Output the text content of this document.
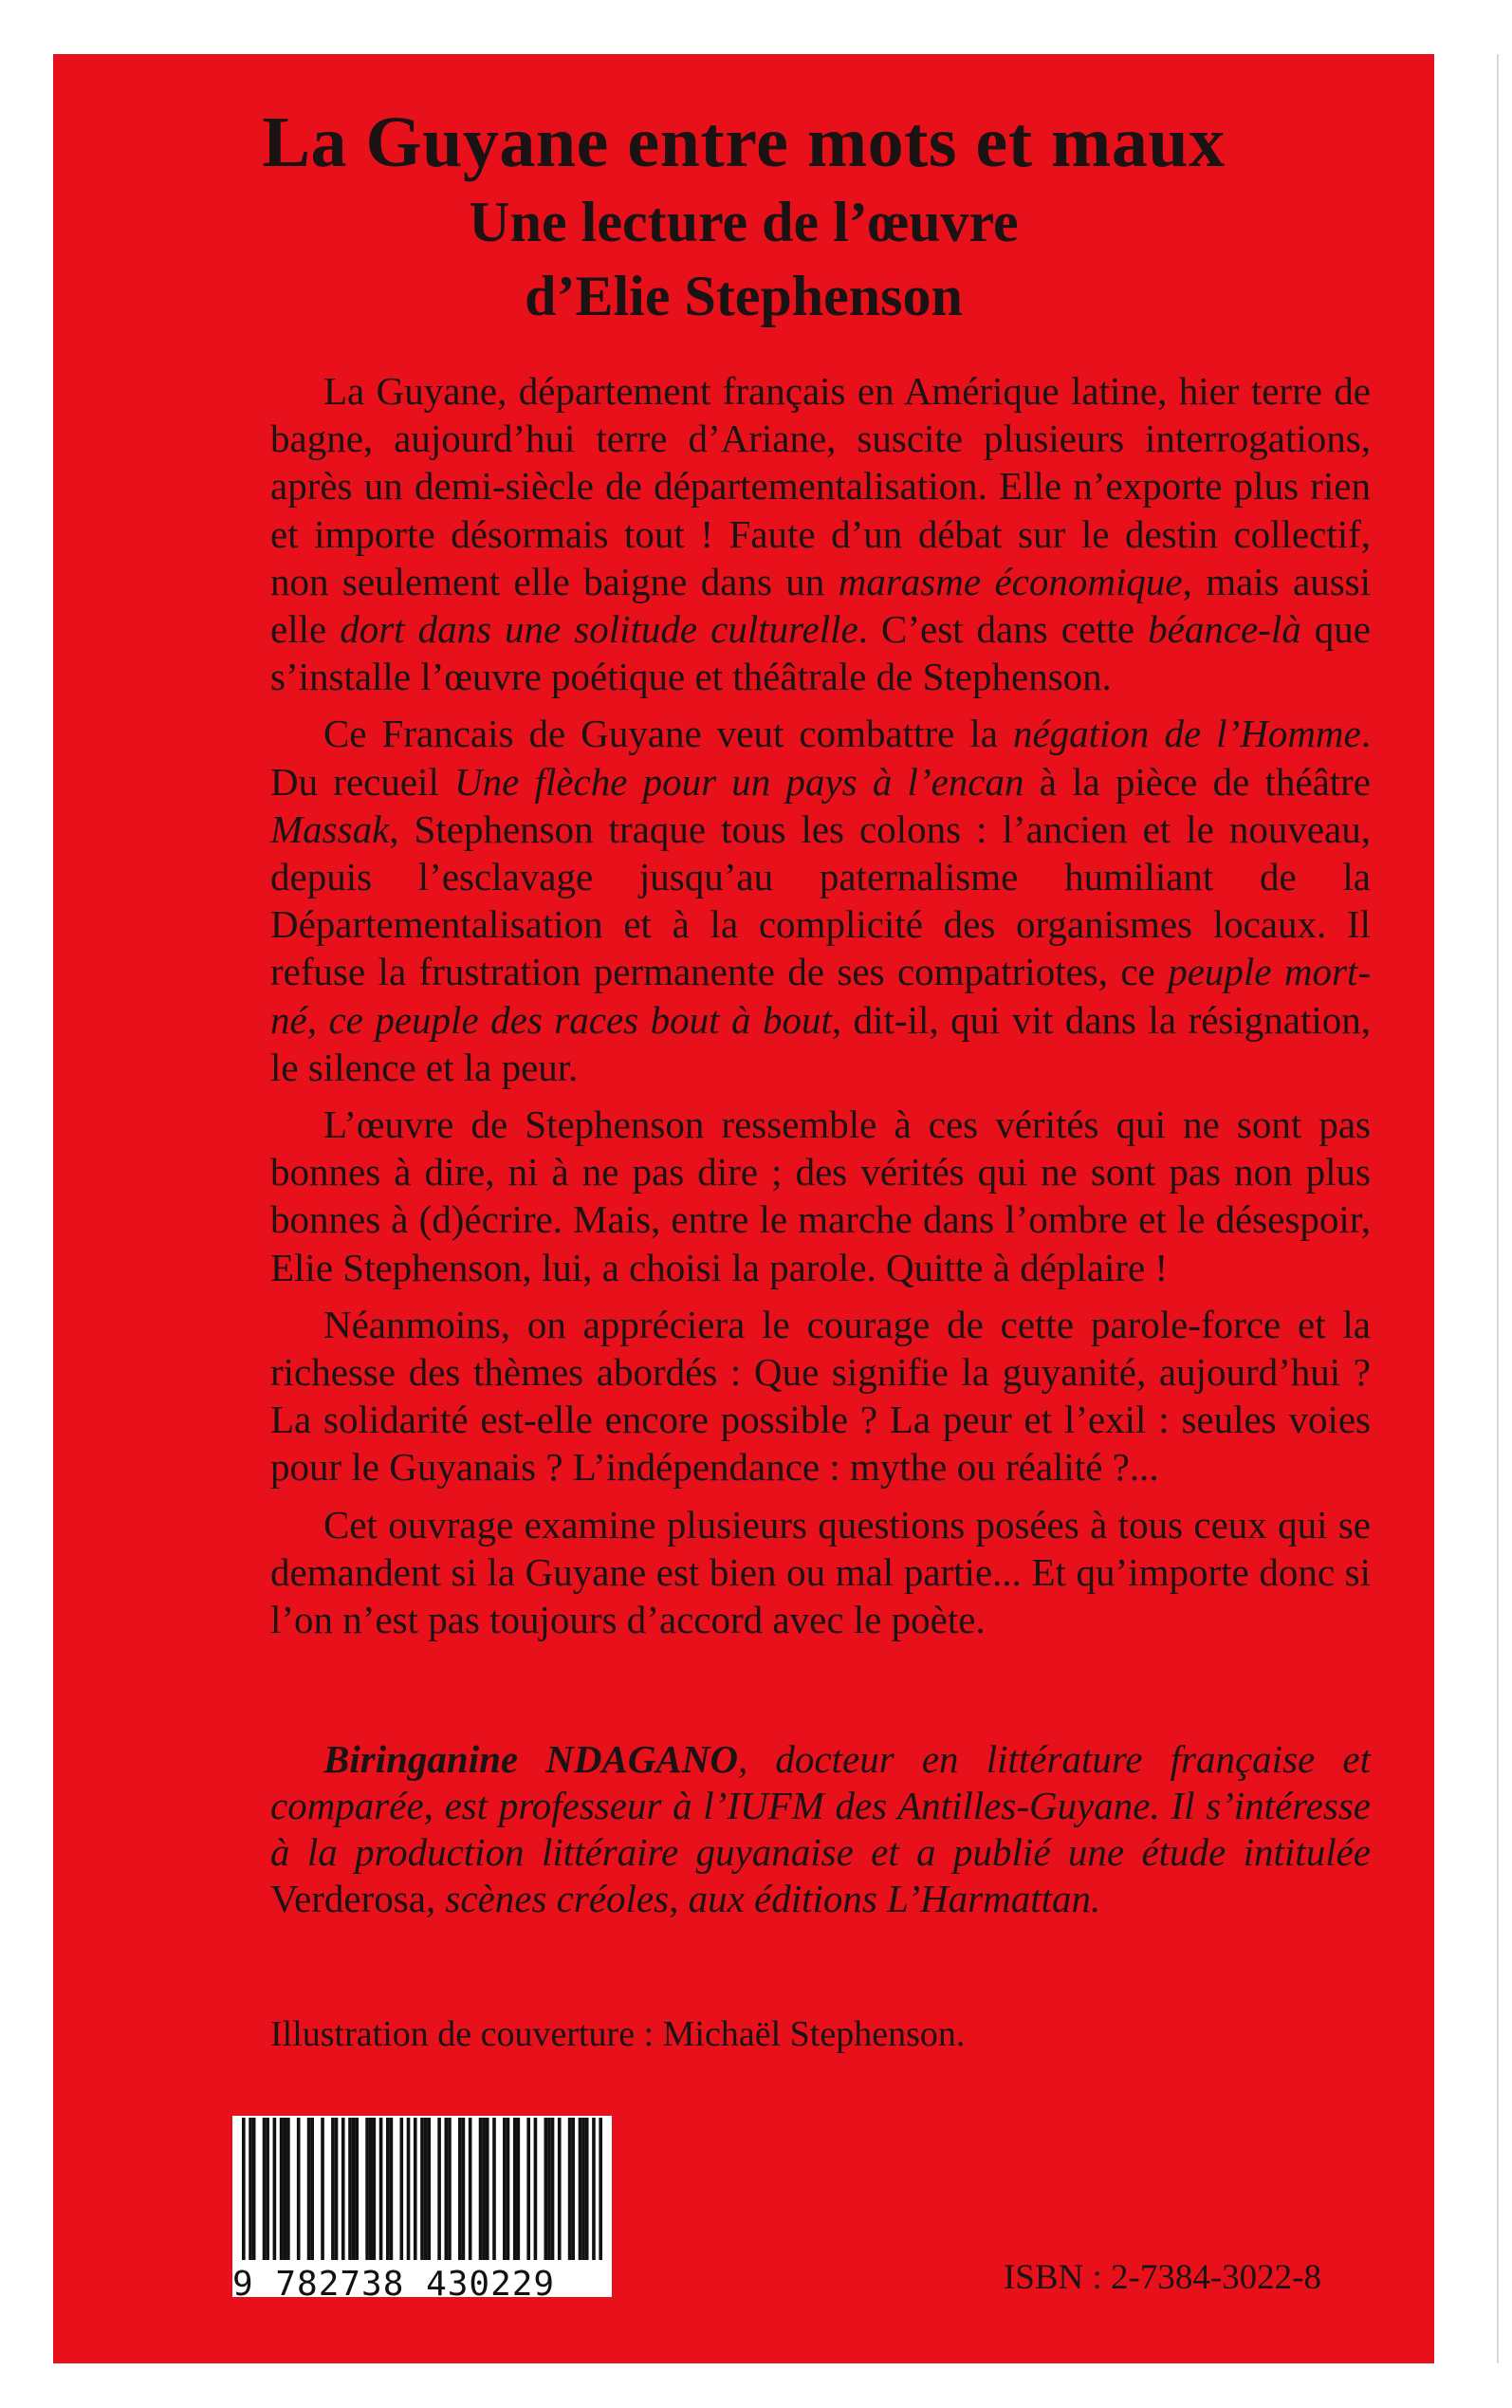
La Guyane entre mots et maux
Une lecture de l’œuvre
d’Elie Stephenson

La Guyane, département français en Amérique latine, hier terre de bagne, aujourd’hui terre d’Ariane, suscite plusieurs interrogations, après un demi-siècle de départementalisation. Elle n’exporte plus rien et importe désormais tout ! Faute d’un débat sur le destin collectif, non seulement elle baigne dans un marasme économique, mais aussi elle dort dans une solitude culturelle. C’est dans cette béance-là que s’installe l’œuvre poétique et théâtrale de Stephenson.

Ce Francais de Guyane veut combattre la négation de l’Homme. Du recueil Une flèche pour un pays à l’encan à la pièce de théâtre Massak, Stephenson traque tous les colons : l’ancien et le nouveau, depuis l’esclavage jusqu’au paternalisme humiliant de la Départementalisation et à la complicité des organismes locaux. Il refuse la frustration permanente de ses compatriotes, ce peuple mort-né, ce peuple des races bout à bout, dit-il, qui vit dans la résignation, le silence et la peur.

L’œuvre de Stephenson ressemble à ces vérités qui ne sont pas bonnes à dire, ni à ne pas dire ; des vérités qui ne sont pas non plus bonnes à (d)écrire. Mais, entre le marche dans l’ombre et le désespoir, Elie Stephenson, lui, a choisi la parole. Quitte à déplaire !

Néanmoins, on appréciera le courage de cette parole-force et la richesse des thèmes abordés : Que signifie la guyanité, aujourd’hui ? La solidarité est-elle encore possible ? La peur et l’exil : seules voies pour le Guyanais ? L’indépendance : mythe ou réalité ?...

Cet ouvrage examine plusieurs questions posées à tous ceux qui se demandent si la Guyane est bien ou mal partie... Et qu’importe donc si l’on n’est pas toujours d’accord avec le poète.

Biringanine NDAGANO, docteur en littérature française et comparée, est professeur à l’IUFM des Antilles-Guyane. Il s’intéresse à la production littéraire guyanaise et a publié une étude intitulée Verderosa, scènes créoles, aux éditions L’Harmattan.

Illustration de couverture : Michaël Stephenson.

9 782738 430229	ISBN : 2-7384-3022-8
